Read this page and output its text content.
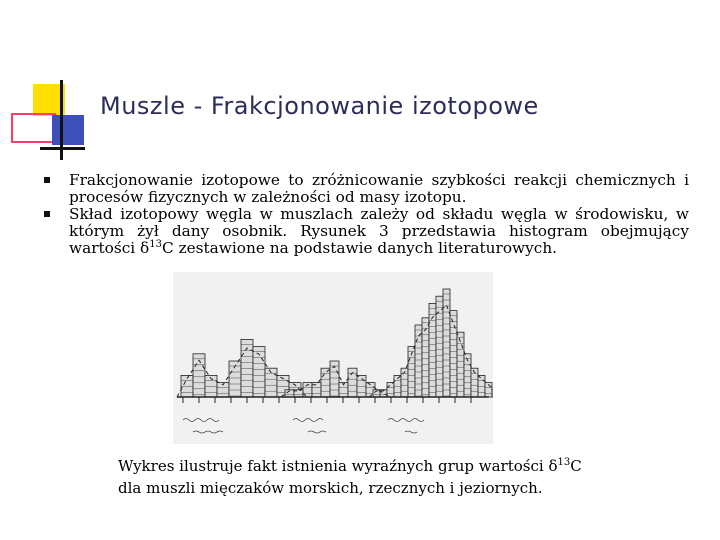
Muszle - Frakcjonowanie izotopowe
Frakcjonowanie izotopowe to zróżnicowanie szybkości reakcji chemicznych i procesów fizycznych w zależności od masy izotopu.
Skład izotopowy węgla w muszlach zależy od składu węgla w środowisku, w którym żył dany osobnik. Rysunek 3 przedstawia histogram obejmujący wartości $\delta^{13}C$ zestawione na podstawie danych literaturowych.
Wykres ilustruje fakt istnienia wyraźnych grup wartości $\delta^{13}C$
dla muszli mięczaków morskich, rzecznych i jeziornych.
